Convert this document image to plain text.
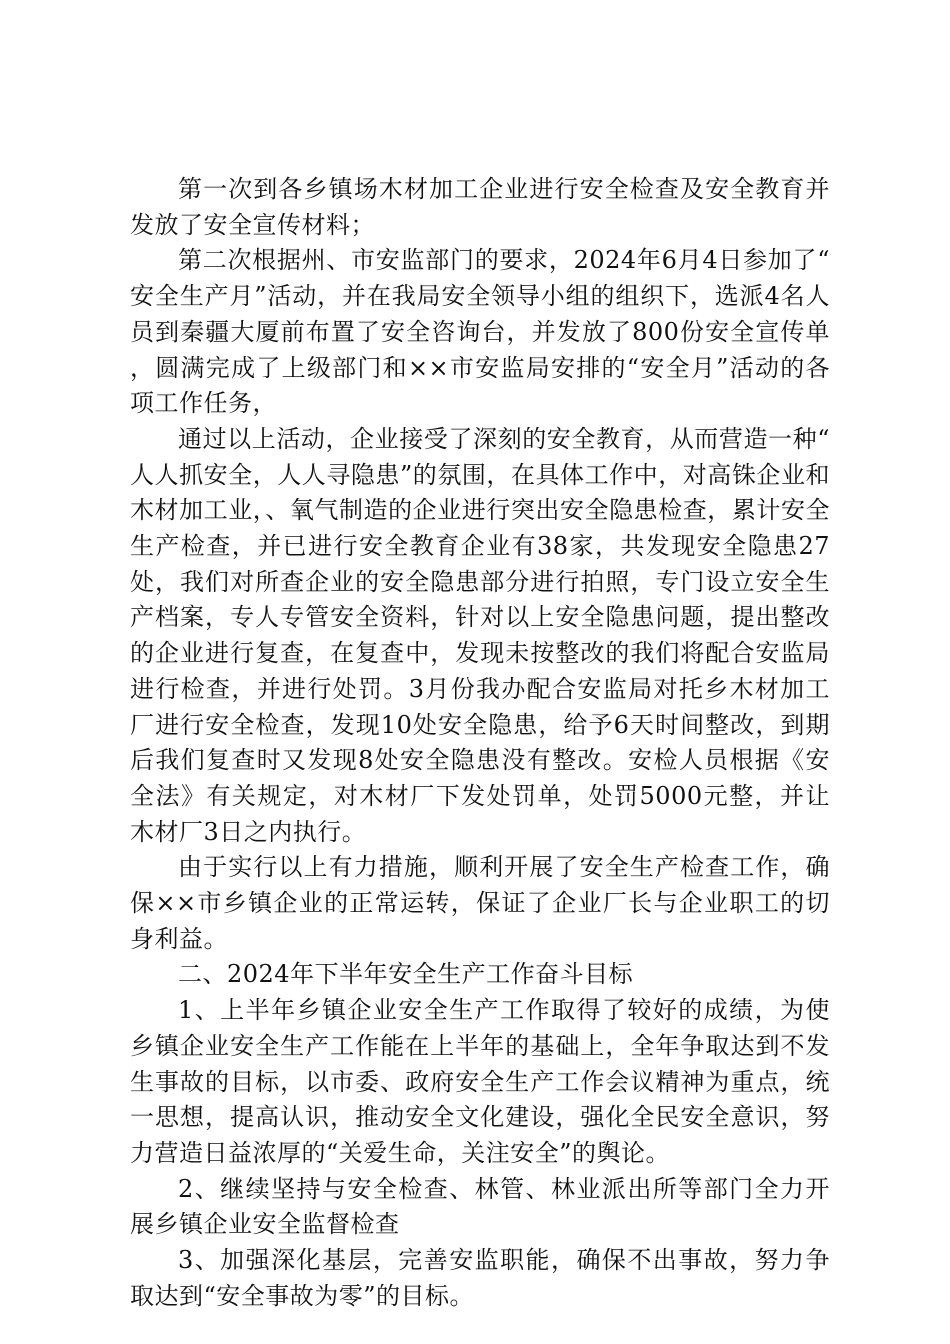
第一次到各乡镇场木材加工企业进行安全检查及安全教育并发放了安全宣传材料；

第二次根据州、市安监部门的要求，2024年6月4日参加了“安全生产月”活动，并在我局安全领导小组的组织下，选派4名人员到秦疆大厦前布置了安全咨询台，并发放了800份安全宣传单，圆满完成了上级部门和××市安监局安排的“安全月”活动的各项工作任务，

通过以上活动，企业接受了深刻的安全教育，从而营造一种“人人抓安全，人人寻隐患”的氛围，在具体工作中，对高铢企业和木材加工业，、氧气制造的企业进行突出安全隐患检查，累计安全生产检查，并已进行安全教育企业有38家，共发现安全隐患27处，我们对所查企业的安全隐患部分进行拍照，专门设立安全生产档案，专人专管安全资料，针对以上安全隐患问题，提出整改的企业进行复查，在复查中，发现未按整改的我们将配合安监局进行检查，并进行处罚。3月份我办配合安监局对托乡木材加工厂进行安全检查，发现10处安全隐患，给予6天时间整改，到期后我们复查时又发现8处安全隐患没有整改。安检人员根据《安全法》有关规定，对木材厂下发处罚单，处罚5000元整，并让木材厂3日之内执行。

由于实行以上有力措施，顺利开展了安全生产检查工作，确保××市乡镇企业的正常运转，保证了企业厂长与企业职工的切身利益。

二、2024年下半年安全生产工作奋斗目标

1、上半年乡镇企业安全生产工作取得了较好的成绩，为使乡镇企业安全生产工作能在上半年的基础上，全年争取达到不发生事故的目标，以市委、政府安全生产工作会议精神为重点，统一思想，提高认识，推动安全文化建设，强化全民安全意识，努力营造日益浓厚的“关爱生命，关注安全”的舆论。

2、继续坚持与安全检查、林管、林业派出所等部门全力开展乡镇企业安全监督检查

3、加强深化基层，完善安监职能，确保不出事故，努力争取达到“安全事故为零”的目标。
